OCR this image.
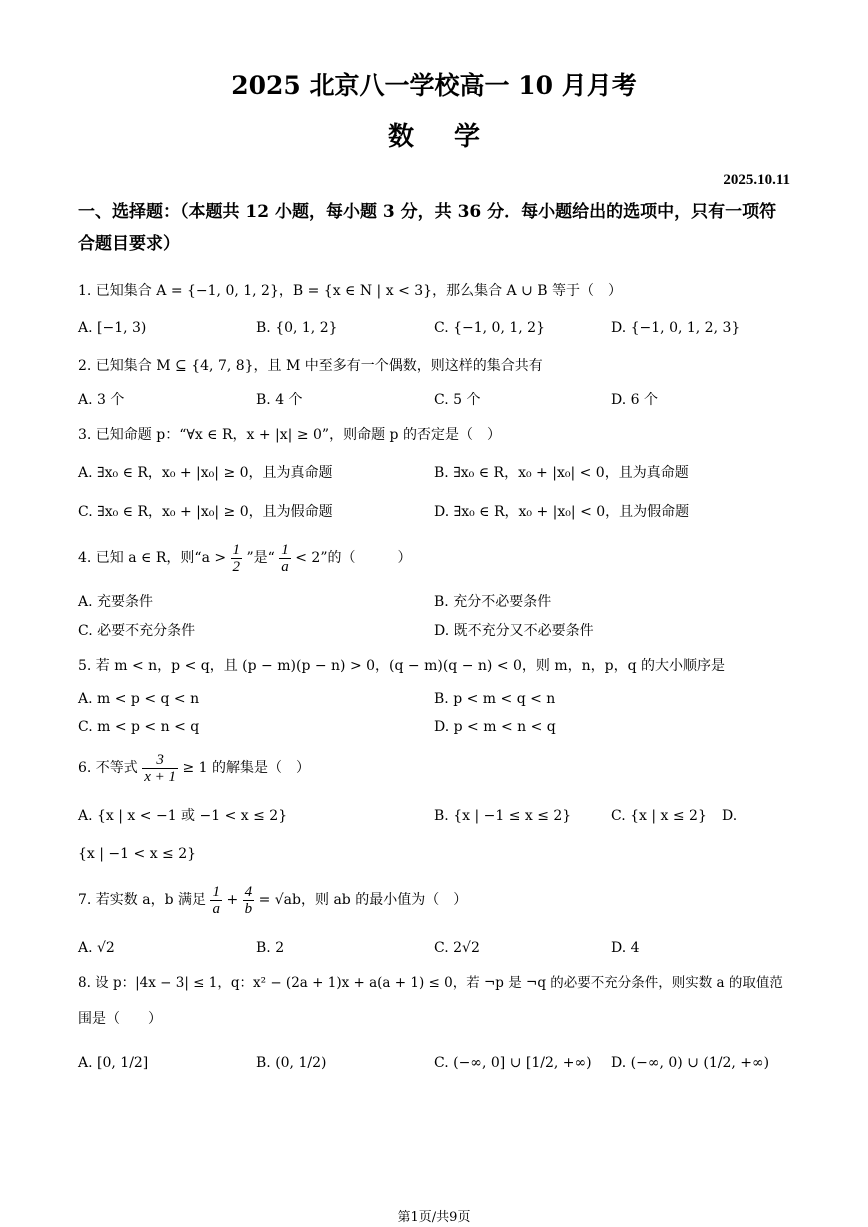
2025 北京八一学校高一 10 月月考
数学
2025.10.11
一、选择题：（本题共 12 小题，每小题 3 分，共 36 分．每小题给出的选项中，只有一项符合题目要求）
1. 已知集合 A = {−1, 0, 1, 2}，B = {x ∈ N | x < 3}，那么集合 A ∪ B 等于（　）
A. [−1, 3)	B. {0, 1, 2}	C. {−1, 0, 1, 2}	D. {−1, 0, 1, 2, 3}
2. 已知集合 M ⊆ {4, 7, 8}，且 M 中至多有一个偶数，则这样的集合共有
A. 3 个	B. 4 个	C. 5 个	D. 6 个
3. 已知命题 p：“∀x ∈ R，x + |x| ≥ 0”，则命题 p 的否定是（　）
A. ∃x₀ ∈ R，x₀ + |x₀| ≥ 0，且为真命题	B. ∃x₀ ∈ R，x₀ + |x₀| < 0，且为真命题
C. ∃x₀ ∈ R，x₀ + |x₀| ≥ 0，且为假命题	D. ∃x₀ ∈ R，x₀ + |x₀| < 0，且为假命题
4. 已知 a ∈ R，则“$a > \frac{1}{2}$ ”是“ $\frac{1}{a} < 2$”的（　　　）
A. 充要条件	B. 充分不必要条件
C. 必要不充分条件	D. 既不充分又不必要条件
5. 若 m < n，p < q，且 (p − m)(p − n) > 0，(q − m)(q − n) < 0，则 m，n，p，q 的大小顺序是
A. m < p < q < n	B. p < m < q < n
C. m < p < n < q	D. p < m < n < q
6. 不等式 $\frac{3}{x + 1} \ge 1$ 的解集是（　）
A. {x | x < −1 或 −1 < x ≤ 2}	B. {x | −1 ≤ x ≤ 2}	C. {x | x ≤ 2} D.
{x | −1 < x ≤ 2}
7. 若实数 a，b 满足 $\frac{1}{a} + \frac{4}{b} = √ab$，则 ab 的最小值为（　）
A. √2	B. 2	C. 2√2	D. 4
8. 设 p：|4x − 3| ≤ 1，q：x² − (2a + 1)x + a(a + 1) ≤ 0，若 ¬p 是 ¬q 的必要不充分条件，则实数 a 的取值范
围是（　　）
A. [0, 1/2]	B. (0, 1/2)	C. (−∞, 0] ∪ [1/2, +∞) D. (−∞, 0) ∪ (1/2, +∞)
第1页/共9页
